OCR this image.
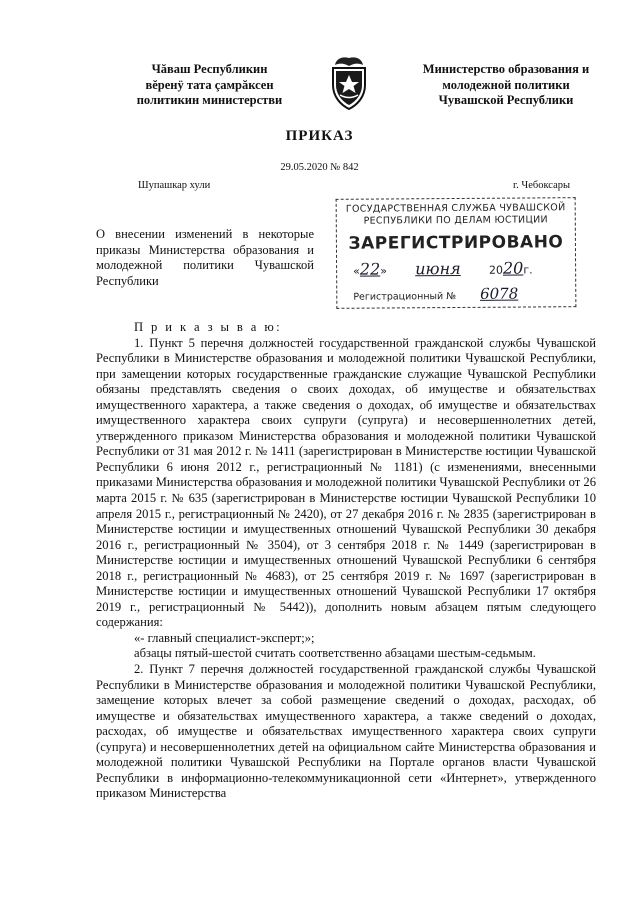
Чăваш Республикин
вĕренÿ тата çамрăксен
политикин министерстви
Министерство образования и
молодежной политики
Чувашской Республики
ПРИКАЗ
29.05.2020 № 842
Шупашкар хули	г. Чебоксары
О внесении изменений в некоторые приказы Министерства образования и молодежной политики Чувашской Республики
ГОСУДАРСТВЕННАЯ СЛУЖБА ЧУВАШСКОЙ
РЕСПУБЛИКИ ПО ДЕЛАМ ЮСТИЦИИ
ЗАРЕГИСТРИРОВАНО
«22» июня	2020г.
Регистрационный № 6078

П р и к а з ы в а ю:

1. Пункт 5 перечня должностей государственной гражданской службы Чувашской Республики в Министерстве образования и молодежной политики Чувашской Республики, при замещении которых государственные гражданские служащие Чувашской Республики обязаны представлять сведения о своих доходах, об имуществе и обязательствах имущественного характера, а также сведения о доходах, об имуществе и обязательствах имущественного характера своих супруги (супруга) и несовершеннолетних детей, утвержденного приказом Министерства образования и молодежной политики Чувашской Республики от 31 мая 2012 г. № 1411 (зарегистрирован в Министерстве юстиции Чувашской Республики 6 июня 2012 г., регистрационный № 1181) (с изменениями, внесенными приказами Министерства образования и молодежной политики Чувашской Республики от 26 марта 2015 г. № 635 (зарегистрирован в Министерстве юстиции Чувашской Республики 10 апреля 2015 г., регистрационный № 2420), от 27 декабря 2016 г. № 2835 (зарегистрирован в Министерстве юстиции и имущественных отношений Чувашской Республики 30 декабря 2016 г., регистрационный № 3504), от 3 сентября 2018 г. № 1449 (зарегистрирован в Министерстве юстиции и имущественных отношений Чувашской Республики 6 сентября 2018 г., регистрационный № 4683), от 25 сентября 2019 г. № 1697 (зарегистрирован в Министерстве юстиции и имущественных отношений Чувашской Республики 17 октября 2019 г., регистрационный № 5442)), дополнить новым абзацем пятым следующего содержания:

«- главный специалист-эксперт;»;

абзацы пятый-шестой считать соответственно абзацами шестым-седьмым.

2. Пункт 7 перечня должностей государственной гражданской службы Чувашской Республики в Министерстве образования и молодежной политики Чувашской Республики, замещение которых влечет за собой размещение сведений о доходах, расходах, об имуществе и обязательствах имущественного характера, а также сведений о доходах, расходах, об имуществе и обязательствах имущественного характера своих супруги (супруга) и несовершеннолетних детей на официальном сайте Министерства образования и молодежной политики Чувашской Республики на Портале органов власти Чувашской Республики в информационно-телекоммуникационной сети «Интернет», утвержденного приказом Министерства
